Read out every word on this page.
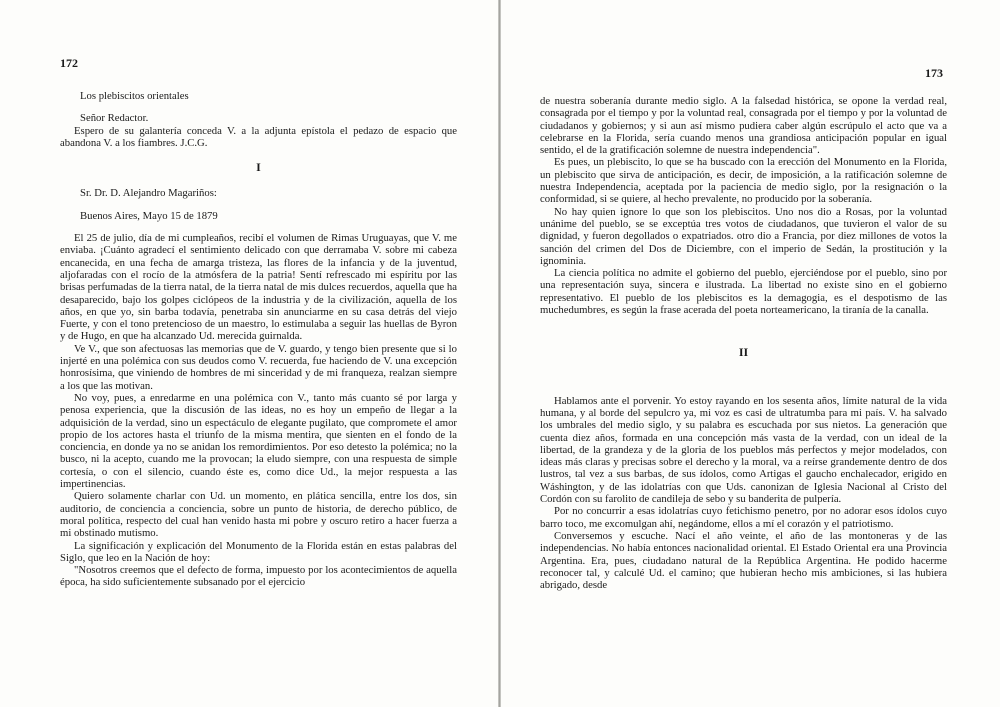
172

Los plebiscitos orientales

Señor Redactor.

Espero de su galantería conceda V. a la adjunta epístola el pedazo de espacio que abandona V. a los fiambres. J.C.G.

I

Sr. Dr. D. Alejandro Magariños:

Buenos Aires, Mayo 15 de 1879

El 25 de julio, día de mi cumpleaños, recibí el volumen de Rimas Uruguayas, que V. me enviaba. ¡Cuánto agradecí el sentimiento delicado con que derramaba V. sobre mi cabeza encanecida, en una fecha de amarga tristeza, las flores de la infancia y de la juventud, aljofaradas con el rocío de la atmósfera de la patria! Sentí refrescado mi espíritu por las brisas perfumadas de la tierra natal, de la tierra natal de mis dulces recuerdos, aquella que ha desaparecido, bajo los golpes ciclópeos de la industria y de la civilización, aquella de los años, en que yo, sin barba todavía, penetraba sin anunciarme en su casa detrás del viejo Fuerte, y con el tono pretencioso de un maestro, lo estimulaba a seguir las huellas de Byron y de Hugo, en que ha alcanzado Ud. merecida guirnalda.

Ve V., que son afectuosas las memorias que de V. guardo, y tengo bien presente que si lo injerté en una polémica con sus deudos como V. recuerda, fue haciendo de V. una excepción honrosísima, que viniendo de hombres de mi sinceridad y de mi franqueza, realzan siempre a los que las motivan.

No voy, pues, a enredarme en una polémica con V., tanto más cuanto sé por larga y penosa experiencia, que la discusión de las ideas, no es hoy un empeño de llegar a la adquisición de la verdad, sino un espectáculo de elegante pugilato, que compromete el amor propio de los actores hasta el triunfo de la misma mentira, que sienten en el fondo de la conciencia, en donde ya no se anidan los remordimientos. Por eso detesto la polémica; no la busco, ni la acepto, cuando me la provocan; la eludo siempre, con una respuesta de simple cortesía, o con el silencio, cuando éste es, como dice Ud., la mejor respuesta a las impertinencias.

Quiero solamente charlar con Ud. un momento, en plática sencilla, entre los dos, sin auditorio, de conciencia a conciencia, sobre un punto de historia, de derecho público, de moral política, respecto del cual han venido hasta mi pobre y oscuro retiro a hacer fuerza a mi obstinado mutismo.

La significación y explicación del Monumento de la Florida están en estas palabras del Siglo, que leo en la Nación de hoy:

"Nosotros creemos que el defecto de forma, impuesto por los acontecimientos de aquella época, ha sido suficientemente subsanado por el ejercicio

173

de nuestra soberanía durante medio siglo. A la falsedad histórica, se opone la verdad real, consagrada por el tiempo y por la voluntad real, consagrada por el tiempo y por la voluntad de ciudadanos y gobiernos; y si aun así mismo pudiera caber algún escrúpulo el acto que va a celebrarse en la Florida, sería cuando menos una grandiosa anticipación popular en igual sentido, el de la gratificación solemne de nuestra independencia".

Es pues, un plebiscito, lo que se ha buscado con la erección del Monumento en la Florida, un plebiscito que sirva de anticipación, es decir, de imposición, a la ratificación solemne de nuestra Independencia, aceptada por la paciencia de medio siglo, por la resignación o la conformidad, si se quiere, al hecho prevalente, no producido por la soberanía.

No hay quien ignore lo que son los plebiscitos. Uno nos dio a Rosas, por la voluntad unánime del pueblo, se se exceptúa tres votos de ciudadanos, que tuvieron el valor de su dignidad, y fueron degollados o expatriados. otro dio a Francia, por diez millones de votos la sanción del crimen del Dos de Diciembre, con el imperio de Sedán, la prostitución y la ignominia.

La ciencia política no admite el gobierno del pueblo, ejerciéndose por el pueblo, sino por una representación suya, sincera e ilustrada. La libertad no existe sino en el gobierno representativo. El pueblo de los plebiscitos es la demagogia, es el despotismo de las muchedumbres, es según la frase acerada del poeta norteamericano, la tiranía de la canalla.

II

Hablamos ante el porvenir. Yo estoy rayando en los sesenta años, límite natural de la vida humana, y al borde del sepulcro ya, mi voz es casi de ultratumba para mi país. V. ha salvado los umbrales del medio siglo, y su palabra es escuchada por sus nietos. La generación que cuenta diez años, formada en una concepción más vasta de la verdad, con un ideal de la libertad, de la grandeza y de la gloria de los pueblos más perfectos y mejor modelados, con ideas más claras y precisas sobre el derecho y la moral, va a reírse grandemente dentro de dos lustros, tal vez a sus barbas, de sus ídolos, como Artigas el gaucho enchalecador, erigido en Wáshington, y de las idolatrías con que Uds. canonizan de Iglesia Nacional al Cristo del Cordón con su farolito de candileja de sebo y su banderita de pulpería.

Por no concurrir a esas idolatrías cuyo fetichismo penetro, por no adorar esos ídolos cuyo barro toco, me excomulgan ahí, negándome, ellos a mí el corazón y el patriotismo.

Conversemos y escuche. Nací el año veinte, el año de las montoneras y de las independencias. No había entonces nacionalidad oriental. El Estado Oriental era una Provincia Argentina. Era, pues, ciudadano natural de la República Argentina. He podido hacerme reconocer tal, y calculé Ud. el camino; que hubieran hecho mis ambiciones, si las hubiera abrigado, desde
